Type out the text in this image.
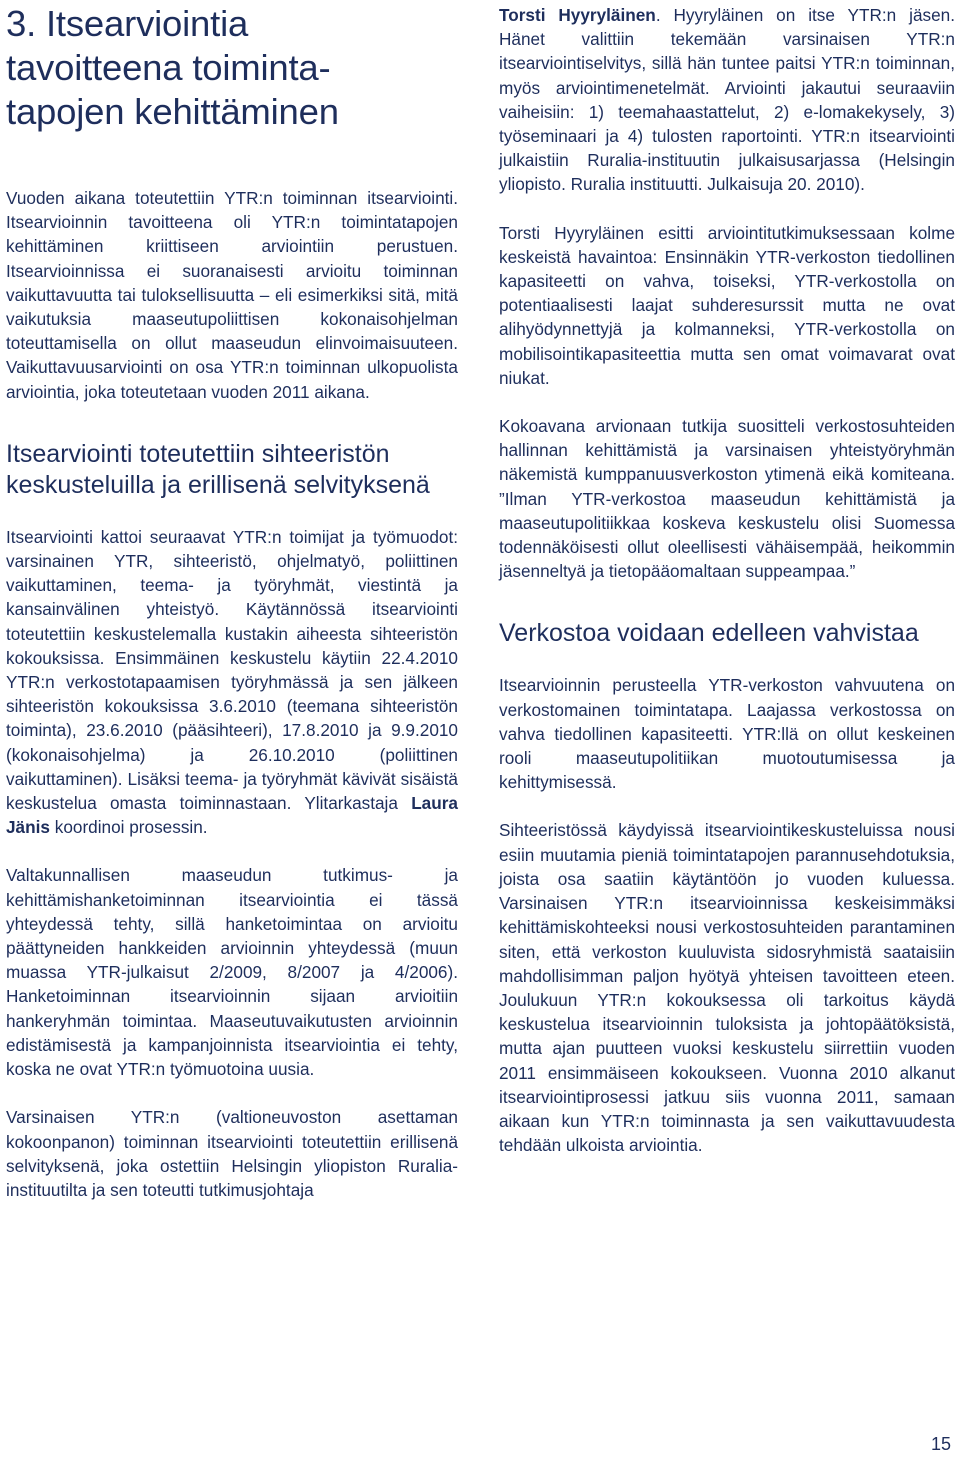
3. Itsearviointia
tavoitteena toiminta-
tapojen kehittäminen

Vuoden aikana toteutettiin YTR:n toiminnan itsearviointi. Itsearvioinnin tavoitteena oli YTR:n toimintatapojen kehittäminen kriittiseen arviointiin perustuen. Itsearvioinnissa ei suoranaisesti arvioitu toiminnan vaikuttavuutta tai tuloksellisuutta – eli esimerkiksi sitä, mitä vaikutuksia maaseutupoliittisen kokonaisohjelman toteuttamisella on ollut maaseudun elinvoimaisuuteen. Vaikuttavuusarviointi on osa YTR:n toiminnan ulkopuolista arviointia, joka toteutetaan vuoden 2011 aikana.

Itsearviointi toteutettiin sihteeristön keskusteluilla ja erillisenä selvityksenä

Itsearviointi kattoi seuraavat YTR:n toimijat ja työmuodot: varsinainen YTR, sihteeristö, ohjelmatyö, poliittinen vaikuttaminen, teema- ja työryhmät, viestintä ja kansainvälinen yhteistyö. Käytännössä itsearviointi toteutettiin keskustelemalla kustakin aiheesta sihteeristön kokouksissa. Ensimmäinen keskustelu käytiin 22.4.2010 YTR:n verkostotapaamisen työryhmässä ja sen jälkeen sihteeristön kokouksissa 3.6.2010 (teemana sihteeristön toiminta), 23.6.2010 (pääsihteeri), 17.8.2010 ja 9.9.2010 (kokonaisohjelma) ja 26.10.2010 (poliittinen vaikuttaminen). Lisäksi teema- ja työryhmät kävivät sisäistä keskustelua omasta toiminnastaan. Ylitarkastaja Laura Jänis koordinoi prosessin.

Valtakunnallisen maaseudun tutkimus- ja kehittämishanketoiminnan itsearviointia ei tässä yhteydessä tehty, sillä hanketoimintaa on arvioitu päättyneiden hankkeiden arvioinnin yhteydessä (muun muassa YTR-julkaisut 2/2009, 8/2007 ja 4/2006). Hanketoiminnan itsearvioinnin sijaan arvioitiin hankeryhmän toimintaa. Maaseutuvaikutusten arvioinnin edistämisestä ja kampanjoinnista itsearviointia ei tehty, koska ne ovat YTR:n työmuotoina uusia.

Varsinaisen YTR:n (valtioneuvoston asettaman kokoonpanon) toiminnan itsearviointi toteutettiin erillisenä selvityksenä, joka ostettiin Helsingin yliopiston Ruralia-instituutilta ja sen toteutti tutkimusjohtaja

Torsti Hyyryläinen. Hyyryläinen on itse YTR:n jäsen. Hänet valittiin tekemään varsinaisen YTR:n itsearviointiselvitys, sillä hän tuntee paitsi YTR:n toiminnan, myös arviointimenetelmät. Arviointi jakautui seuraaviin vaiheisiin: 1) teemahaastattelut, 2) e-lomakekysely, 3) työseminaari ja 4) tulosten raportointi. YTR:n itsearviointi julkaistiin Ruralia-instituutin julkaisusarjassa (Helsingin yliopisto. Ruralia instituutti. Julkaisuja 20. 2010).

Torsti Hyyryläinen esitti arviointitutkimuksessaan kolme keskeistä havaintoa: Ensinnäkin YTR-verkoston tiedollinen kapasiteetti on vahva, toiseksi, YTR-verkostolla on potentiaalisesti laajat suhderesurssit mutta ne ovat alihyödynnettyjä ja kolmanneksi, YTR-verkostolla on mobilisointikapasiteettia mutta sen omat voimavarat ovat niukat.

Kokoavana arvionaan tutkija suositteli verkostosuhteiden hallinnan kehittämistä ja varsinaisen yhteistyöryhmän näkemistä kumppanuusverkoston ytimenä eikä komiteana. ”Ilman YTR-verkostoa maaseudun kehittämistä ja maaseutupolitiikkaa koskeva keskustelu olisi Suomessa todennäköisesti ollut oleellisesti vähäisempää, heikommin jäsenneltyä ja tietopääomaltaan suppeampaa.”

Verkostoa voidaan edelleen vahvistaa

Itsearvioinnin perusteella YTR-verkoston vahvuutena on verkostomainen toimintatapa. Laajassa verkostossa on vahva tiedollinen kapasiteetti. YTR:llä on ollut keskeinen rooli maaseutupolitiikan muotoutumisessa ja kehittymisessä.

Sihteeristössä käydyissä itsearviointikeskusteluissa nousi esiin muutamia pieniä toimintatapojen parannusehdotuksia, joista osa saatiin käytäntöön jo vuoden kuluessa. Varsinaisen YTR:n itsearvioinnissa keskeisimmäksi kehittämiskohteeksi nousi verkostosuhteiden parantaminen siten, että verkoston kuuluvista sidosryhmistä saataisiin mahdollisimman paljon hyötyä yhteisen tavoitteen eteen. Joulukuun YTR:n kokouksessa oli tarkoitus käydä keskustelua itsearvioinnin tuloksista ja johtopäätöksistä, mutta ajan puutteen vuoksi keskustelu siirrettiin vuoden 2011 ensimmäiseen kokoukseen. Vuonna 2010 alkanut itsearviointiprosessi jatkuu siis vuonna 2011, samaan aikaan kun YTR:n toiminnasta ja sen vaikuttavuudesta tehdään ulkoista arviointia.

15
